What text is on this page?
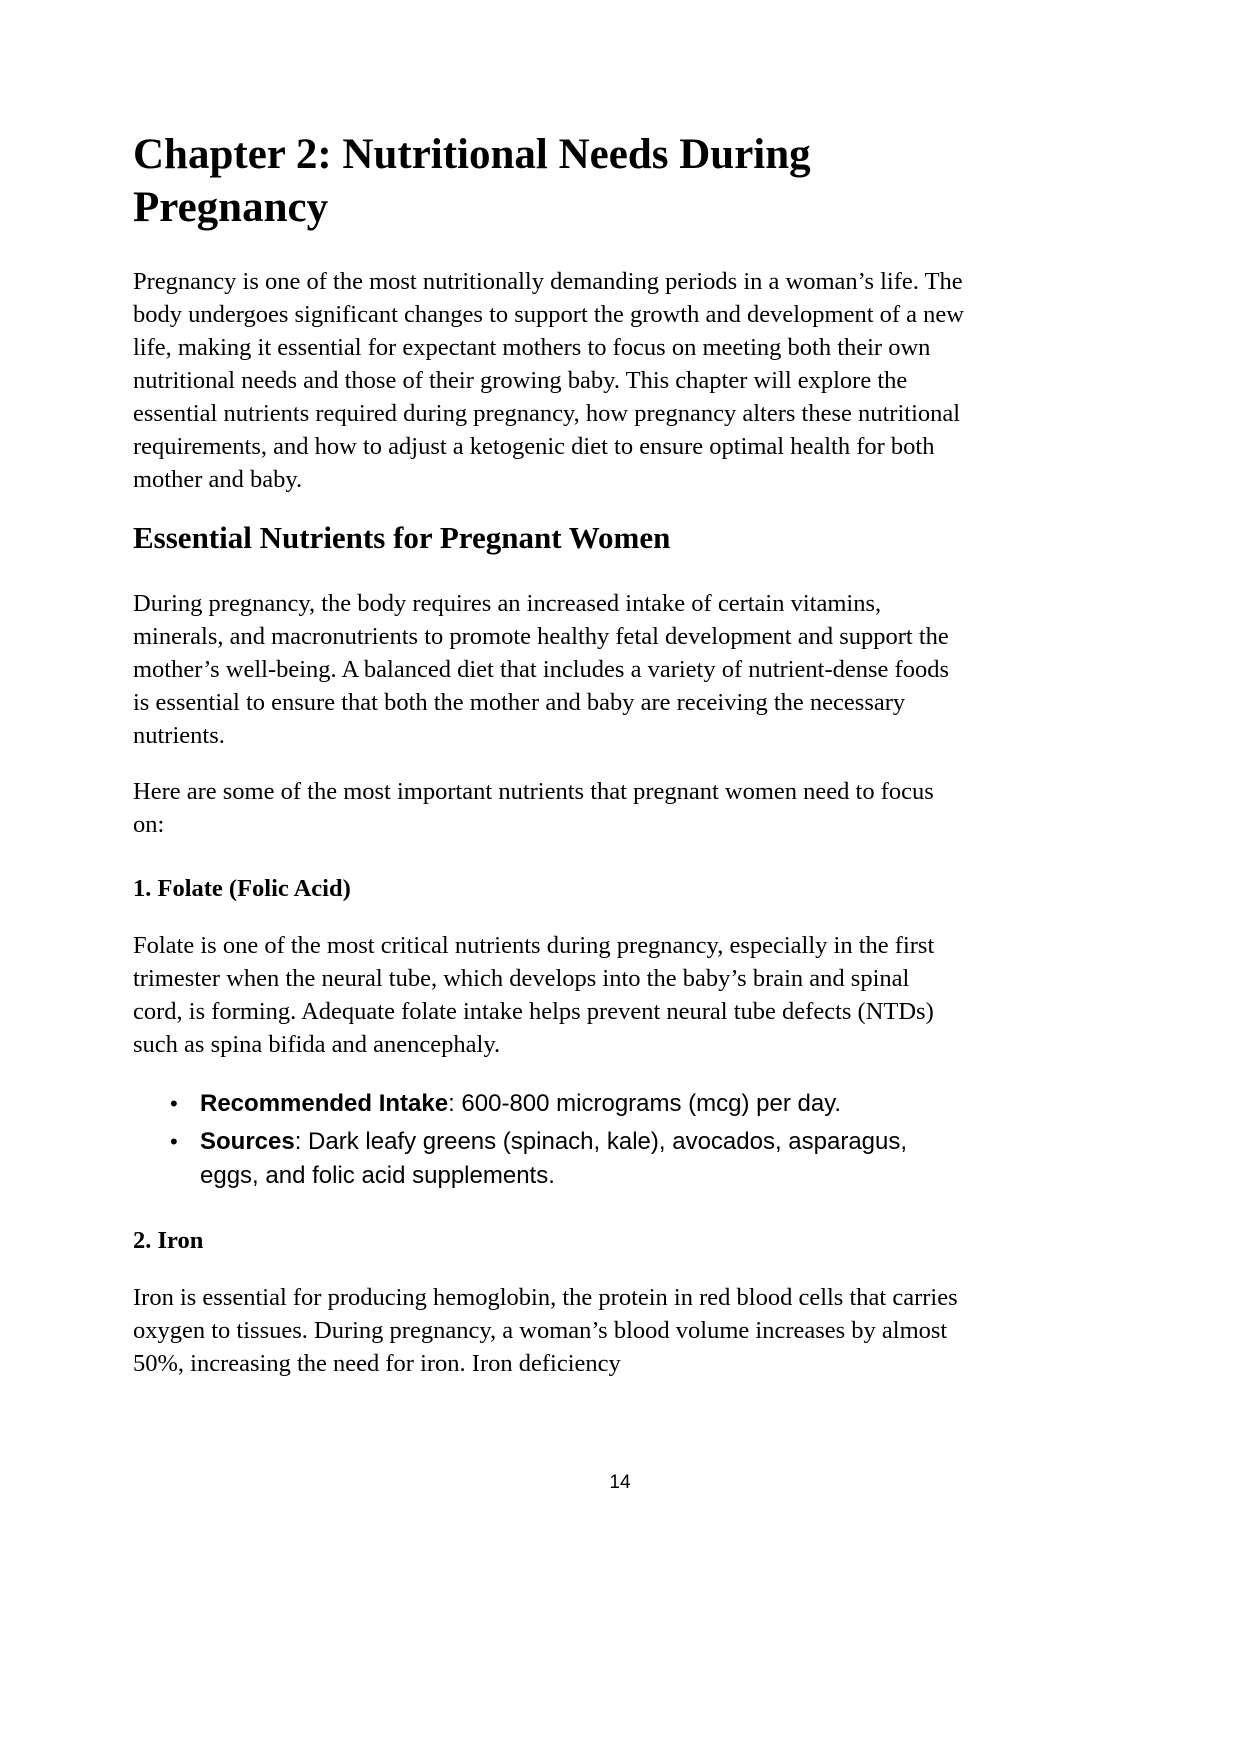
Chapter 2: Nutritional Needs During Pregnancy

Pregnancy is one of the most nutritionally demanding periods in a woman’s life. The body undergoes significant changes to support the growth and development of a new life, making it essential for expectant mothers to focus on meeting both their own nutritional needs and those of their growing baby. This chapter will explore the essential nutrients required during pregnancy, how pregnancy alters these nutritional requirements, and how to adjust a ketogenic diet to ensure optimal health for both mother and baby.

Essential Nutrients for Pregnant Women

During pregnancy, the body requires an increased intake of certain vitamins, minerals, and macronutrients to promote healthy fetal development and support the mother’s well-being. A balanced diet that includes a variety of nutrient-dense foods is essential to ensure that both the mother and baby are receiving the necessary nutrients.

Here are some of the most important nutrients that pregnant women need to focus on:

1. Folate (Folic Acid)

Folate is one of the most critical nutrients during pregnancy, especially in the first trimester when the neural tube, which develops into the baby’s brain and spinal cord, is forming. Adequate folate intake helps prevent neural tube defects (NTDs) such as spina bifida and anencephaly.

• Recommended Intake: 600-800 micrograms (mcg) per day.
• Sources: Dark leafy greens (spinach, kale), avocados, asparagus, eggs, and folic acid supplements.
2. Iron

Iron is essential for producing hemoglobin, the protein in red blood cells that carries oxygen to tissues. During pregnancy, a woman’s blood volume increases by almost 50%, increasing the need for iron. Iron deficiency

14
